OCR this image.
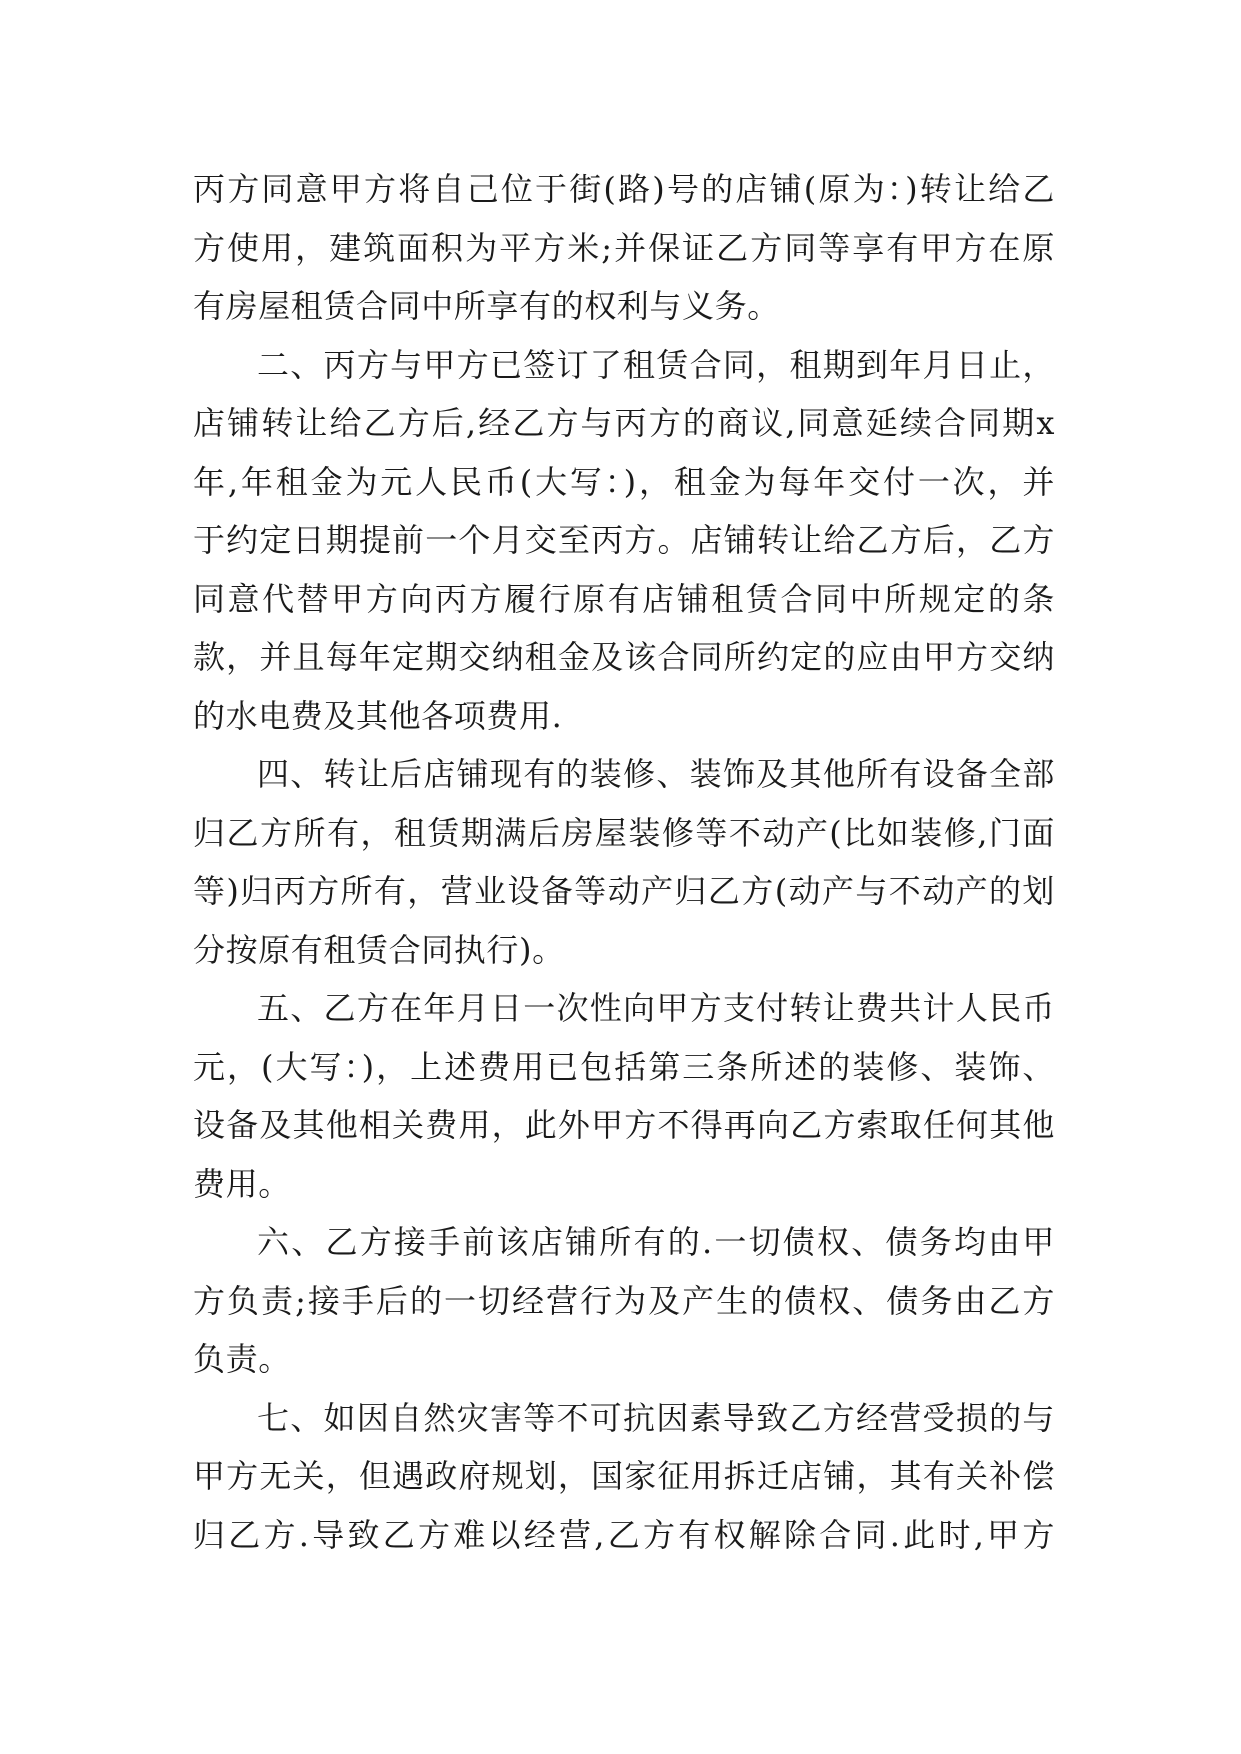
丙方同意甲方将自己位于街(路)号的店铺(原为：)转让给乙
方使用，建筑面积为平方米;并保证乙方同等享有甲方在原
有房屋租赁合同中所享有的权利与义务。
二、丙方与甲方已签订了租赁合同，租期到年月日止，
店铺转让给乙方后,经乙方与丙方的商议,同意延续合同期x
年,年租金为元人民币(大写：)，租金为每年交付一次，并
于约定日期提前一个月交至丙方。店铺转让给乙方后，乙方
同意代替甲方向丙方履行原有店铺租赁合同中所规定的条
款，并且每年定期交纳租金及该合同所约定的应由甲方交纳
的水电费及其他各项费用.
四、转让后店铺现有的装修、装饰及其他所有设备全部
归乙方所有，租赁期满后房屋装修等不动产(比如装修,门面
等)归丙方所有，营业设备等动产归乙方(动产与不动产的划
分按原有租赁合同执行)。
五、乙方在年月日一次性向甲方支付转让费共计人民币
元，(大写：)，上述费用已包括第三条所述的装修、装饰、
设备及其他相关费用，此外甲方不得再向乙方索取任何其他
费用。
六、乙方接手前该店铺所有的.一切债权、债务均由甲
方负责;接手后的一切经营行为及产生的债权、债务由乙方
负责。
七、如因自然灾害等不可抗因素导致乙方经营受损的与
甲方无关，但遇政府规划，国家征用拆迁店铺，其有关补偿
归乙方.导致乙方难以经营,乙方有权解除合同.此时,甲方
